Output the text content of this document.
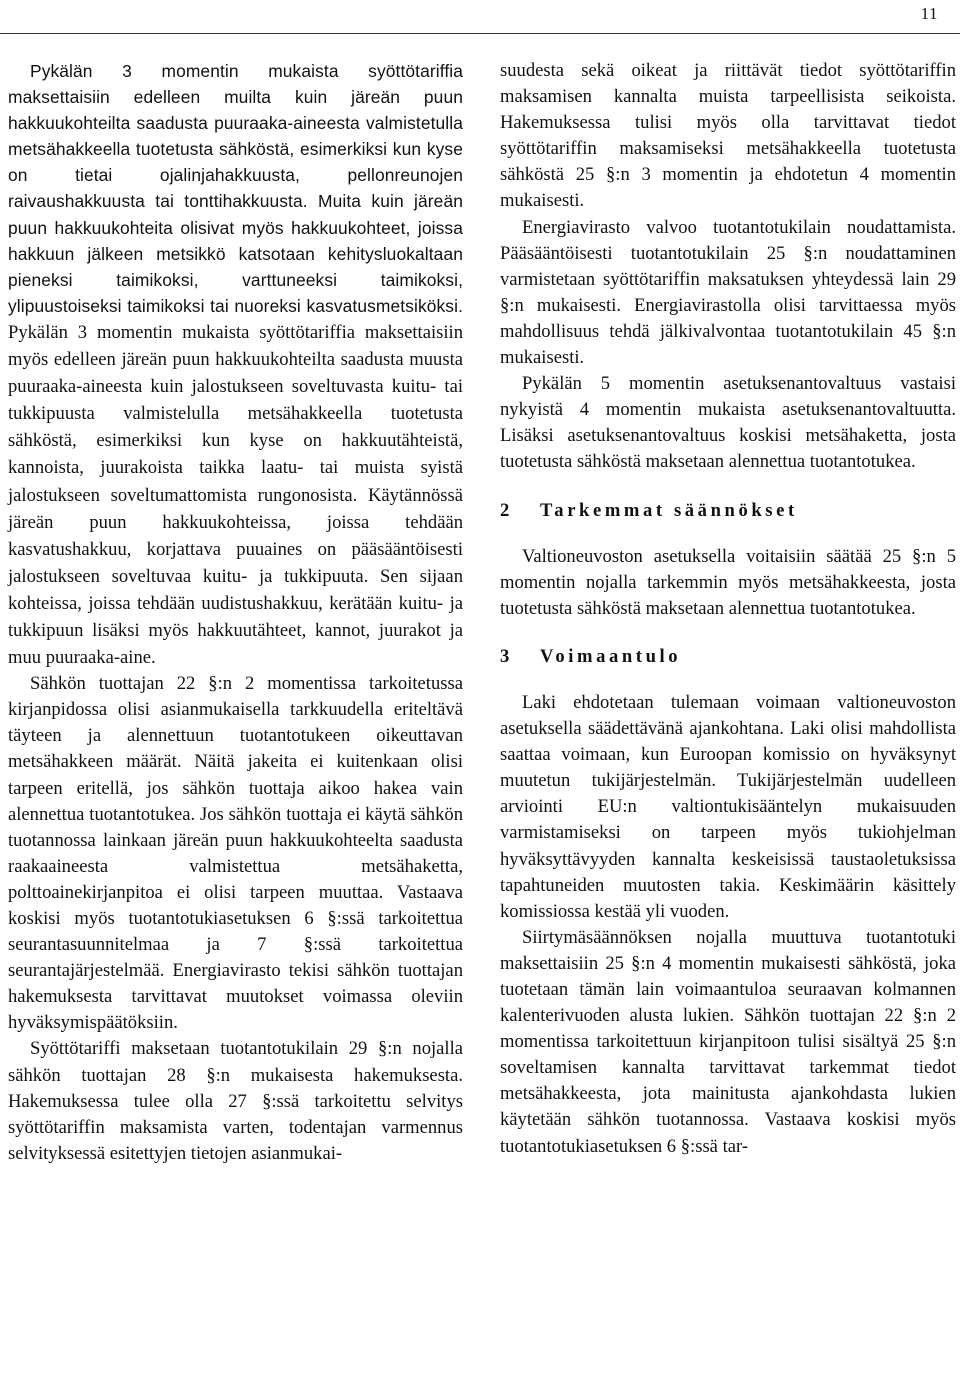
11

Pykälän 3 momentin mukaista syöttötariffia maksettaisiin edelleen muilta kuin järeän puun hakkuukohteilta saadusta puuraaka-aineesta valmistetulla metsähakkeella tuotetusta sähköstä, esimerkiksi kun kyse on tietai ojalinjahakkuusta, pellonreunojen raivaushakkuusta tai tonttihakkuusta. Muita kuin järeän puun hakkuukohteita olisivat myös hakkuukohteet, joissa hakkuun jälkeen metsikkö katsotaan kehitysluokaltaan pieneksi taimikoksi, varttuneeksi taimikoksi, ylipuustoiseksi taimikoksi tai nuoreksi kasvatusmetsiköksi. Pykälän 3 momentin mukaista syöttötariffia maksettaisiin myös edelleen järeän puun hakkuukohteilta saadusta muusta puuraaka-aineesta kuin jalostukseen soveltuvasta kuitu- tai tukkipuusta valmistelulla metsähakkeella tuotetusta sähköstä, esimerkiksi kun kyse on hakkuutähteistä, kannoista, juurakoista taikka laatu- tai muista syistä jalostukseen soveltumattomista rungonosista. Käytännössä järeän puun hakkuukohteissa, joissa tehdään kasvatushakkuu, korjattava puuaines on pääsääntöisesti jalostukseen soveltuvaa kuitu- ja tukkipuuta. Sen sijaan kohteissa, joissa tehdään uudistushakkuu, kerätään kuitu- ja tukkipuun lisäksi myös hakkuutähteet, kannot, juurakot ja muu puuraaka-aine.

Sähkön tuottajan 22 §:n 2 momentissa tarkoitetussa kirjanpidossa olisi asianmukaisella tarkkuudella eriteltävä täyteen ja alennettuun tuotantotukeen oikeuttavan metsähakkeen määrät. Näitä jakeita ei kuitenkaan olisi tarpeen eritellä, jos sähkön tuottaja aikoo hakea vain alennettua tuotantotukea. Jos sähkön tuottaja ei käytä sähkön tuotannossa lainkaan järeän puun hakkuukohteelta saadusta raakaaineesta valmistettua metsähaketta, polttoainekirjanpitoa ei olisi tarpeen muuttaa. Vastaava koskisi myös tuotantotukiasetuksen 6 §:ssä tarkoitettua seurantasuunnitelmaa ja 7 §:ssä tarkoitettua seurantajärjestelmää. Energiavirasto tekisi sähkön tuottajan hakemuksesta tarvittavat muutokset voimassa oleviin hyväksymispäätöksiin.

Syöttötariffi maksetaan tuotantotukilain 29 §:n nojalla sähkön tuottajan 28 §:n mukaisesta hakemuksesta. Hakemuksessa tulee olla 27 §:ssä tarkoitettu selvitys syöttötariffin maksamista varten, todentajan varmennus selvityksessä esitettyjen tietojen asianmukai-

suudesta sekä oikeat ja riittävät tiedot syöttötariffin maksamisen kannalta muista tarpeellisista seikoista. Hakemuksessa tulisi myös olla tarvittavat tiedot syöttötariffin maksamiseksi metsähakkeella tuotetusta sähköstä 25 §:n 3 momentin ja ehdotetun 4 momentin mukaisesti.

Energiavirasto valvoo tuotantotukilain noudattamista. Pääsääntöisesti tuotantotukilain 25 §:n noudattaminen varmistetaan syöttötariffin maksatuksen yhteydessä lain 29 §:n mukaisesti. Energiavirastolla olisi tarvittaessa myös mahdollisuus tehdä jälkivalvontaa tuotantotukilain 45 §:n mukaisesti.

Pykälän 5 momentin asetuksenantovaltuus vastaisi nykyistä 4 momentin mukaista asetuksenantovaltuutta. Lisäksi asetuksenantovaltuus koskisi metsähaketta, josta tuotetusta sähköstä maksetaan alennettua tuotantotukea.

2 Tarkemmat säännökset

Valtioneuvoston asetuksella voitaisiin säätää 25 §:n 5 momentin nojalla tarkemmin myös metsähakkeesta, josta tuotetusta sähköstä maksetaan alennettua tuotantotukea.

3 Voimaantulo

Laki ehdotetaan tulemaan voimaan valtioneuvoston asetuksella säädettävänä ajankohtana. Laki olisi mahdollista saattaa voimaan, kun Euroopan komissio on hyväksynyt muutetun tukijärjestelmän. Tukijärjestelmän uudelleen arviointi EU:n valtiontukisääntelyn mukaisuuden varmistamiseksi on tarpeen myös tukiohjelman hyväksyttävyyden kannalta keskeisissä taustaoletuksissa tapahtuneiden muutosten takia. Keskimäärin käsittely komissiossa kestää yli vuoden.

Siirtymäsäännöksen nojalla muuttuva tuotantotuki maksettaisiin 25 §:n 4 momentin mukaisesti sähköstä, joka tuotetaan tämän lain voimaantuloa seuraavan kolmannen kalenterivuoden alusta lukien. Sähkön tuottajan 22 §:n 2 momentissa tarkoitettuun kirjanpitoon tulisi sisältyä 25 §:n soveltamisen kannalta tarvittavat tarkemmat tiedot metsähakkeesta, jota mainitusta ajankohdasta lukien käytetään sähkön tuotannossa. Vastaava koskisi myös tuotantotukiasetuksen 6 §:ssä tar-
